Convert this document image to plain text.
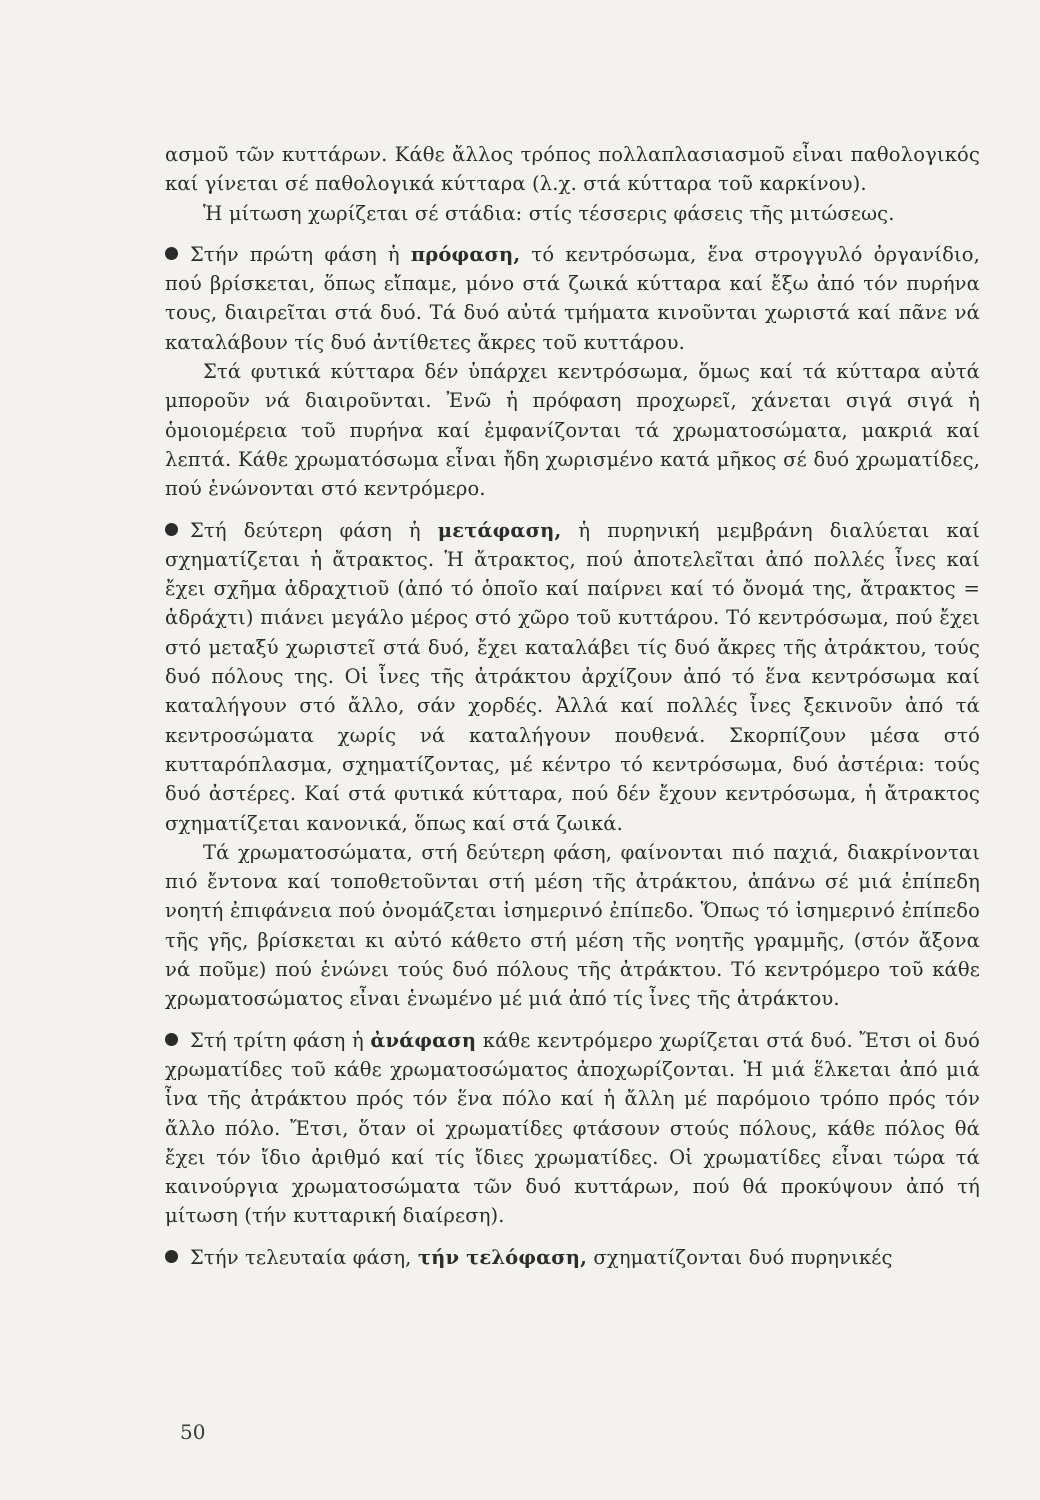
ασμοῦ τῶν κυττάρων. Κάθε ἄλλος τρόπος πολλαπλασιασμοῦ εἶναι παθολογικός καί γίνεται σέ παθολογικά κύτταρα (λ.χ. στά κύτταρα τοῦ καρκίνου).

Ἡ μίτωση χωρίζεται σέ στάδια: στίς τέσσερις φάσεις τῆς μιτώσεως.

Στήν πρώτη φάση ἡ πρόφαση, τό κεντρόσωμα, ἕνα στρογγυλό ὀργανίδιο, πού βρίσκεται, ὅπως εἴπαμε, μόνο στά ζωικά κύτταρα καί ἔξω ἀπό τόν πυρήνα τους, διαιρεῖται στά δυό. Τά δυό αὐτά τμήματα κινοῦνται χωριστά καί πᾶνε νά καταλάβουν τίς δυό ἀντίθετες ἄκρες τοῦ κυττάρου.

Στά φυτικά κύτταρα δέν ὑπάρχει κεντρόσωμα, ὅμως καί τά κύτταρα αὐτά μποροῦν νά διαιροῦνται. Ἐνῶ ἡ πρόφαση προχωρεῖ, χάνεται σιγά σιγά ἡ ὁμοιομέρεια τοῦ πυρήνα καί ἐμφανίζονται τά χρωματοσώματα, μακριά καί λεπτά. Κάθε χρωματόσωμα εἶναι ἤδη χωρισμένο κατά μῆκος σέ δυό χρωματίδες, πού ἑνώνονται στό κεντρόμερο.

Στή δεύτερη φάση ἡ μετάφαση, ἡ πυρηνική μεμβράνη διαλύεται καί σχηματίζεται ἡ ἄτρακτος. Ἡ ἄτρακτος, πού ἀποτελεῖται ἀπό πολλές ἶνες καί ἔχει σχῆμα ἀδραχτιοῦ (ἀπό τό ὁποῖο καί παίρνει καί τό ὄνομά της, ἄτρακτος = ἀδράχτι) πιάνει μεγάλο μέρος στό χῶρο τοῦ κυττάρου. Τό κεντρόσωμα, πού ἔχει στό μεταξύ χωριστεῖ στά δυό, ἔχει καταλάβει τίς δυό ἄκρες τῆς ἀτράκτου, τούς δυό πόλους της. Οἱ ἶνες τῆς ἀτράκτου ἀρχίζουν ἀπό τό ἕνα κεντρόσωμα καί καταλήγουν στό ἄλλο, σάν χορδές. Ἀλλά καί πολλές ἶνες ξεκινοῦν ἀπό τά κεντροσώματα χωρίς νά καταλήγουν πουθενά. Σκορπίζουν μέσα στό κυτταρόπλασμα, σχηματίζοντας, μέ κέντρο τό κεντρόσωμα, δυό ἀστέρια: τούς δυό ἀστέρες. Καί στά φυτικά κύτταρα, πού δέν ἔχουν κεντρόσωμα, ἡ ἄτρακτος σχηματίζεται κανονικά, ὅπως καί στά ζωικά.

Τά χρωματοσώματα, στή δεύτερη φάση, φαίνονται πιό παχιά, διακρίνονται πιό ἔντονα καί τοποθετοῦνται στή μέση τῆς ἀτράκτου, ἀπάνω σέ μιά ἐπίπεδη νοητή ἐπιφάνεια πού ὀνομάζεται ἰσημερινό ἐπίπεδο. Ὅπως τό ἰσημερινό ἐπίπεδο τῆς γῆς, βρίσκεται κι αὐτό κάθετο στή μέση τῆς νοητῆς γραμμῆς, (στόν ἄξονα νά ποῦμε) πού ἑνώνει τούς δυό πόλους τῆς ἀτράκτου. Τό κεντρόμερο τοῦ κάθε χρωματοσώματος εἶναι ἑνωμένο μέ μιά ἀπό τίς ἶνες τῆς ἀτράκτου.

Στή τρίτη φάση ἡ ἀνάφαση κάθε κεντρόμερο χωρίζεται στά δυό. Ἔτσι οἱ δυό χρωματίδες τοῦ κάθε χρωματοσώματος ἀποχωρίζονται. Ἡ μιά ἕλκεται ἀπό μιά ἶνα τῆς ἀτράκτου πρός τόν ἕνα πόλο καί ἡ ἄλλη μέ παρόμοιο τρόπο πρός τόν ἄλλο πόλο. Ἔτσι, ὅταν οἱ χρωματίδες φτάσουν στούς πόλους, κάθε πόλος θά ἔχει τόν ἴδιο ἀριθμό καί τίς ἴδιες χρωματίδες. Οἱ χρωματίδες εἶναι τώρα τά καινούργια χρωματοσώματα τῶν δυό κυττάρων, πού θά προκύψουν ἀπό τή μίτωση (τήν κυτταρική διαίρεση).

Στήν τελευταία φάση, τήν τελόφαση, σχηματίζονται δυό πυρηνικές

50
